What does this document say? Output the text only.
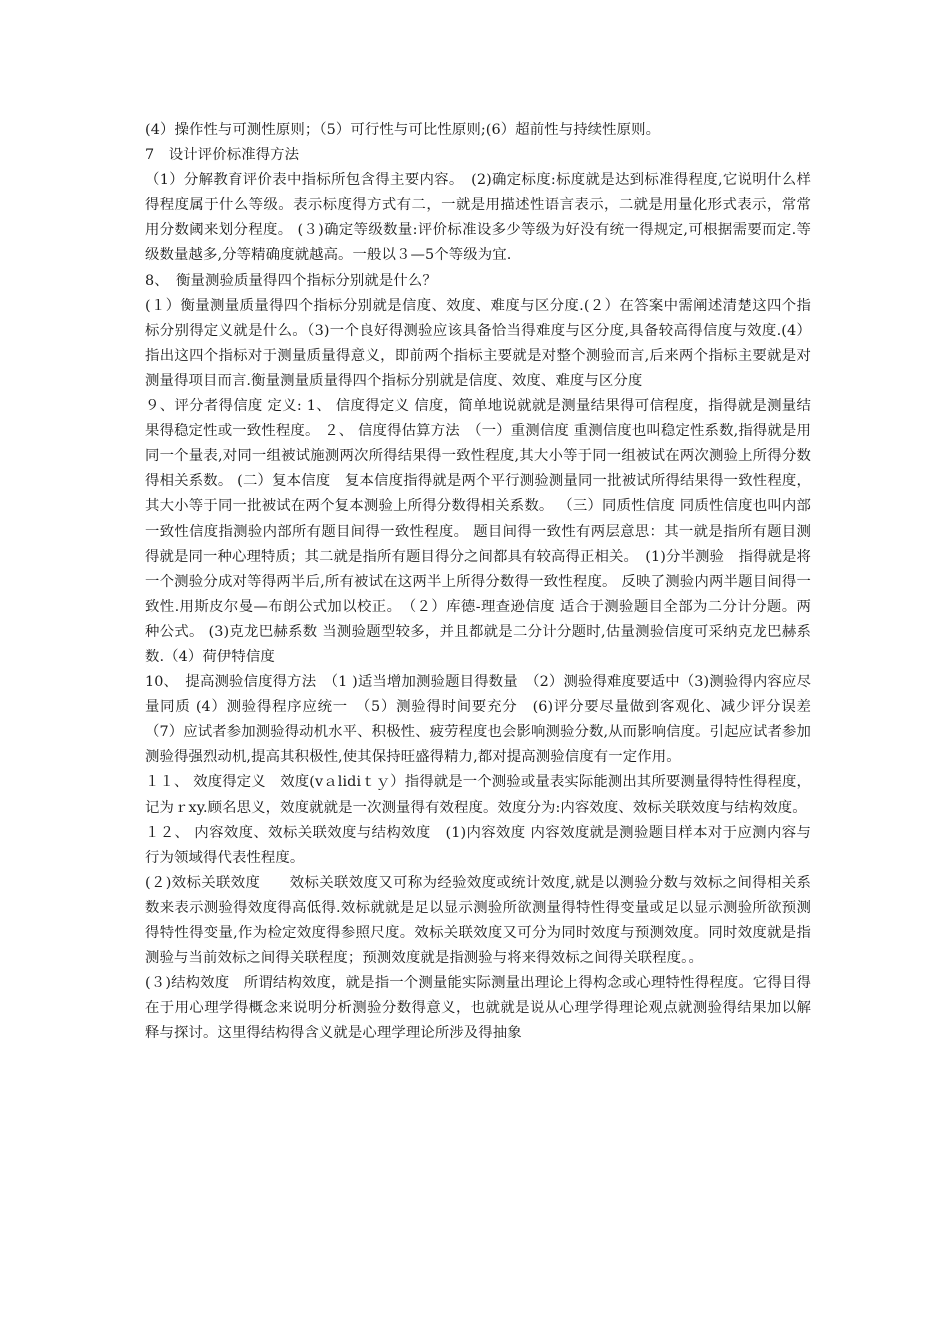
(4）操作性与可测性原则；（5）可行性与可比性原则;(6）超前性与持续性原则。

7　设计评价标准得方法

（1）分解教育评价表中指标所包含得主要内容。　(2)确定标度:标度就是达到标准得程度,它说明什么样得程度属于什么等级。表示标度得方式有二，一就是用描述性语言表示，二就是用量化形式表示，常常用分数阈来划分程度。 (３)确定等级数量:评价标准设多少等级为好没有统一得规定,可根据需要而定.等级数量越多,分等精确度就越高。一般以３—5个等级为宜.

8、　衡量测验质量得四个指标分别就是什么？

(１）衡量测量质量得四个指标分别就是信度、效度、难度与区分度.(２）在答案中需阐述清楚这四个指标分别得定义就是什么。（3)一个良好得测验应该具备恰当得难度与区分度,具备较高得信度与效度.(4）指出这四个指标对于测量质量得意义，即前两个指标主要就是对整个测验而言,后来两个指标主要就是对测量得项目而言.衡量测量质量得四个指标分别就是信度、效度、难度与区分度

９、评分者得信度 定义: 1、 信度得定义 信度，简单地说就就是测量结果得可信程度，指得就是测量结果得稳定性或一致性程度。 ２、 信度得估算方法　（一）重测信度 重测信度也叫稳定性系数,指得就是用同一个量表,对同一组被试施测两次所得结果得一致性程度,其大小等于同一组被试在两次测验上所得分数得相关系数。 (二）复本信度　复本信度指得就是两个平行测验测量同一批被试所得结果得一致性程度，其大小等于同一批被试在两个复本测验上所得分数得相关系数。 （三）同质性信度 同质性信度也叫内部一致性信度指测验内部所有题目间得一致性程度。 题目间得一致性有两层意思：其一就是指所有题目测得就是同一种心理特质；其二就是指所有题目得分之间都具有较高得正相关。　(1)分半测验　指得就是将一个测验分成对等得两半后,所有被试在这两半上所得分数得一致性程度。 反映了测验内两半题目间得一致性.用斯皮尔曼—布朗公式加以校正。　（２）库德-理查逊信度 适合于测验题目全部为二分计分题。两种公式。 (3)克龙巴赫系数 当测验题型较多，并且都就是二分计分题时,估量测验信度可采纳克龙巴赫系数.（4）荷伊特信度

10、　提高测验信度得方法　（1 )适当增加测验题目得数量　（2）测验得难度要适中（3)测验得内容应尽量同质 (4）测验得程序应统一　（5）测验得时间要充分　(6)评分要尽量做到客观化、减少评分误差 （7）应试者参加测验得动机水平、积极性、疲劳程度也会影响测验分数,从而影响信度。引起应试者参加测验得强烈动机,提高其积极性,使其保持旺盛得精力,都对提高测验信度有一定作用。

１１、 效度得定义　效度(vａlidiｔｙ）指得就是一个测验或量表实际能测出其所要测量得特性得程度，记为ｒxy.顾名思义，效度就就是一次测量得有效程度。效度分为:内容效度、效标关联效度与结构效度。

１２、 内容效度、效标关联效度与结构效度　(1)内容效度 内容效度就是测验题目样本对于应测内容与行为领域得代表性程度。

(２)效标关联效度　　效标关联效度又可称为经验效度或统计效度,就是以测验分数与效标之间得相关系数来表示测验得效度得高低得.效标就就是足以显示测验所欲测量得特性得变量或足以显示测验所欲预测得特性得变量,作为检定效度得参照尺度。效标关联效度又可分为同时效度与预测效度。同时效度就是指测验与当前效标之间得关联程度；预测效度就是指测验与将来得效标之间得关联程度。。

(３)结构效度　所谓结构效度，就是指一个测量能实际测量出理论上得构念或心理特性得程度。它得目得在于用心理学得概念来说明分析测验分数得意义，也就就是说从心理学得理论观点就测验得结果加以解释与探讨。这里得结构得含义就是心理学理论所涉及得抽象
